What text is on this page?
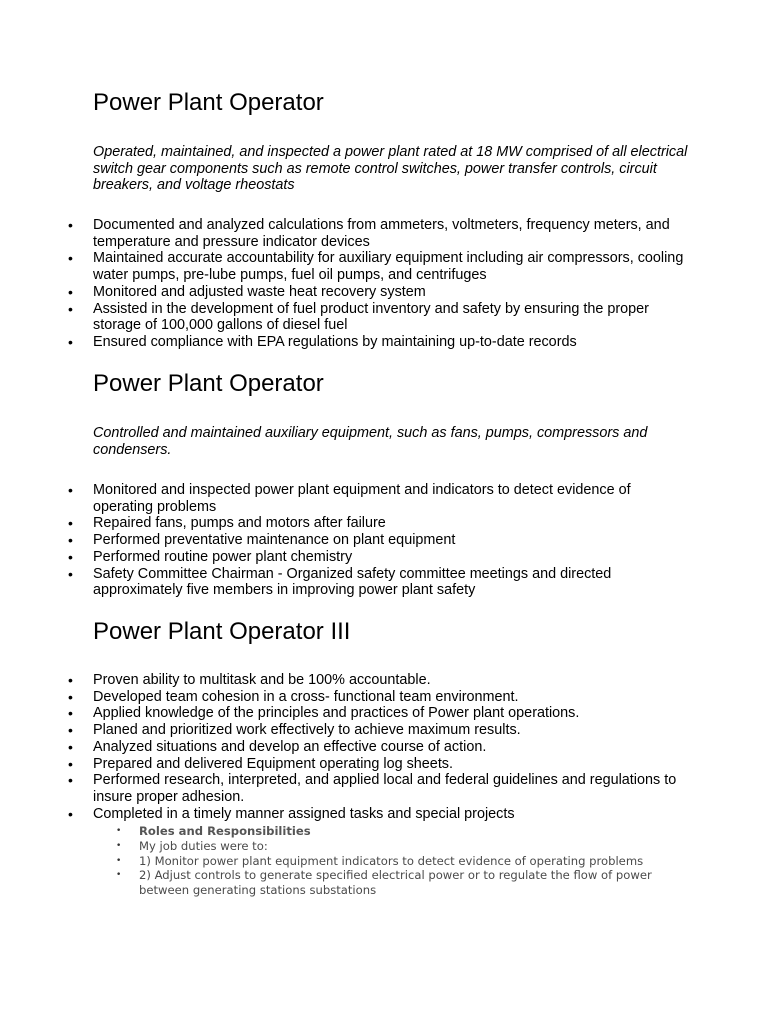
Power Plant Operator

Operated, maintained, and inspected a power plant rated at 18 MW comprised of all electrical switch gear components such as remote control switches, power transfer controls, circuit breakers, and voltage rheostats

• Documented and analyzed calculations from ammeters, voltmeters, frequency meters, and temperature and pressure indicator devices
• Maintained accurate accountability for auxiliary equipment including air compressors, cooling water pumps, pre-lube pumps, fuel oil pumps, and centrifuges
• Monitored and adjusted waste heat recovery system
• Assisted in the development of fuel product inventory and safety by ensuring the proper storage of 100,000 gallons of diesel fuel
• Ensured compliance with EPA regulations by maintaining up-to-date records
Power Plant Operator

Controlled and maintained auxiliary equipment, such as fans, pumps, compressors and condensers.

• Monitored and inspected power plant equipment and indicators to detect evidence of operating problems
• Repaired fans, pumps and motors after failure
• Performed preventative maintenance on plant equipment
• Performed routine power plant chemistry
• Safety Committee Chairman - Organized safety committee meetings and directed approximately five members in improving power plant safety
Power Plant Operator III
• Proven ability to multitask and be 100% accountable.
• Developed team cohesion in a cross- functional team environment.
• Applied knowledge of the principles and practices of Power plant operations.
• Planed and prioritized work effectively to achieve maximum results.
• Analyzed situations and develop an effective course of action.
• Prepared and delivered Equipment operating log sheets.
• Performed research, interpreted, and applied local and federal guidelines and regulations to insure proper adhesion.
• Completed in a timely manner assigned tasks and special projects
• Roles and Responsibilities
• My job duties were to:
• 1) Monitor power plant equipment indicators to detect evidence of operating problems
• 2) Adjust controls to generate specified electrical power or to regulate the flow of power between generating stations substations
